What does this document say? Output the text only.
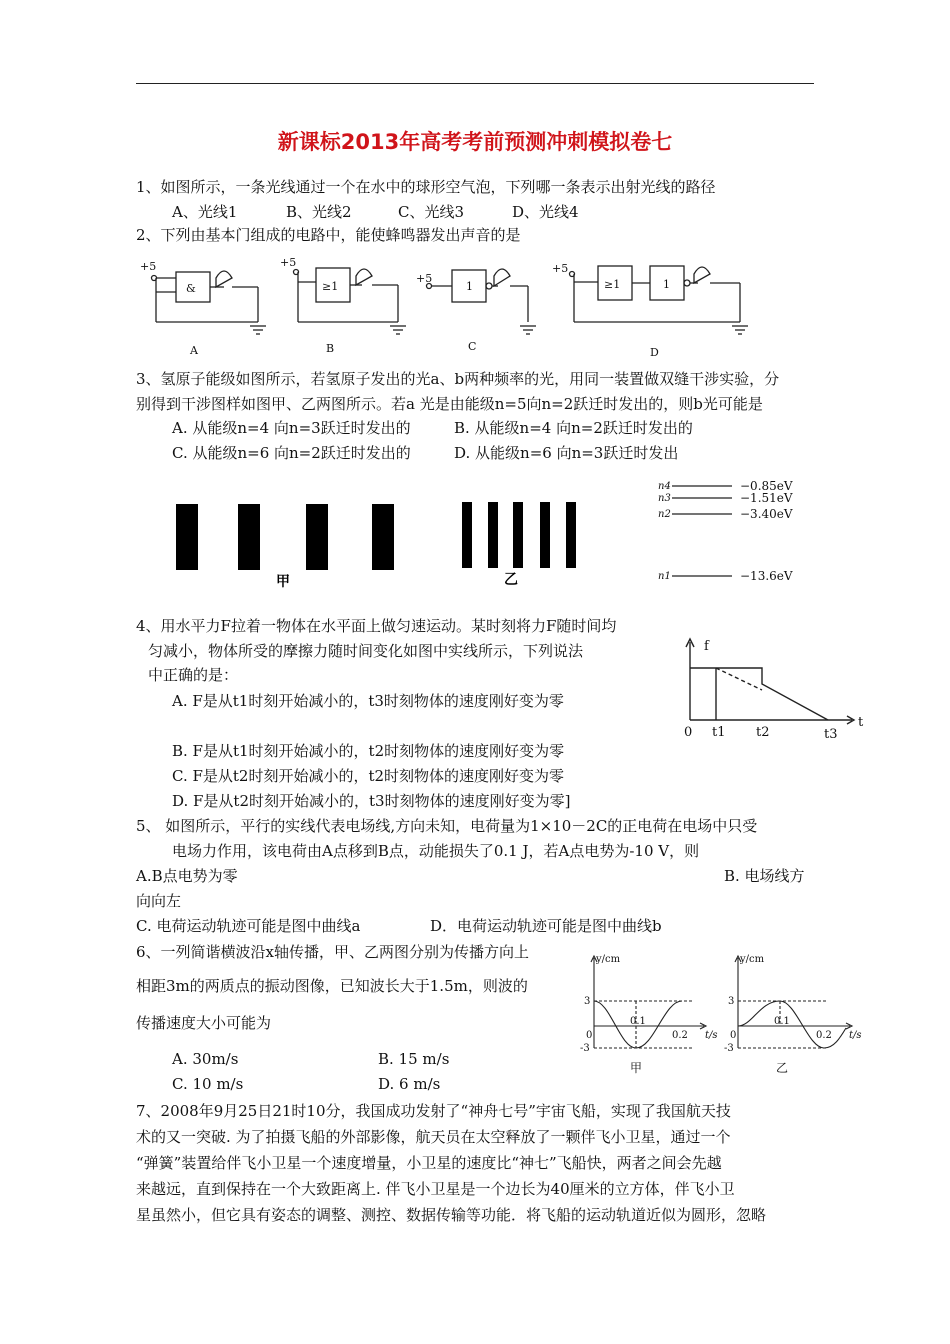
新课标2013年高考考前预测冲刺模拟卷七
1、如图所示，一条光线通过一个在水中的球形空气泡，下列哪一条表示出射光线的路径
A、光线1	B、光线2	C、光线3	D、光线4
2、下列由基本门组成的电路中，能使蜂鸣器发出声音的是
+5
&
A
+5
≥1
B
+5
1
C
+5
≥1	1
D
3、氢原子能级如图所示，若氢原子发出的光a、b两种频率的光，用同一装置做双缝干涉实验，分
别得到干涉图样如图甲、乙两图所示。若a 光是由能级n=5向n=2跃迁时发出的，则b光可能是
A. 从能级n=4 向n=3跃迁时发出的	B. 从能级n=4 向n=2跃迁时发出的
C. 从能级n=6 向n=2跃迁时发出的	D. 从能级n=6 向n=3跃迁时发出
甲	乙
n4
n3
n2
n1
−0.85eV
−1.51eV
−3.40eV
−13.6eV
4、用水平力F拉着一物体在水平面上做匀速运动。某时刻将力F随时间均
匀减小，物体所受的摩擦力随时间变化如图中实线所示，下列说法
中正确的是：
A. F是从t1时刻开始减小的，t3时刻物体的速度刚好变为零
B. F是从t1时刻开始减小的，t2时刻物体的速度刚好变为零
C. F是从t2时刻开始减小的，t2时刻物体的速度刚好变为零
D. F是从t2时刻开始减小的，t3时刻物体的速度刚好变为零]
f
t
0 t1 t2	t3
5、 如图所示，平行的实线代表电场线,方向未知，电荷量为1×10－2C的正电荷在电场中只受
电场力作用，该电荷由A点移到B点，动能损失了0.1 J，若A点电势为-10 V，则
A.B点电势为零	B. 电场线方
向向左
C. 电荷运动轨迹可能是图中曲线a	D．电荷运动轨迹可能是图中曲线b
6、一列简谐横波沿x轴传播，甲、乙两图分别为传播方向上
相距3m的两质点的振动图像，已知波长大于1.5m，则波的
传播速度大小可能为
A. 30m/s	B. 15 m/s
C. 10 m/s	D. 6 m/s
y/cm
t/s
3
-3
0
0.1
0.2
甲
y/cm
t/s
3
-3
0
0.1
0.2
乙
7、2008年9月25日21时10分，我国成功发射了“神舟七号”宇宙飞船，实现了我国航天技
术的又一突破. 为了拍摄飞船的外部影像，航天员在太空释放了一颗伴飞小卫星，通过一个
“弹簧”装置给伴飞小卫星一个速度增量，小卫星的速度比“神七”飞船快，两者之间会先越
来越远，直到保持在一个大致距离上. 伴飞小卫星是一个边长为40厘米的立方体，伴飞小卫
星虽然小，但它具有姿态的调整、测控、数据传输等功能．将飞船的运动轨道近似为圆形，忽略
